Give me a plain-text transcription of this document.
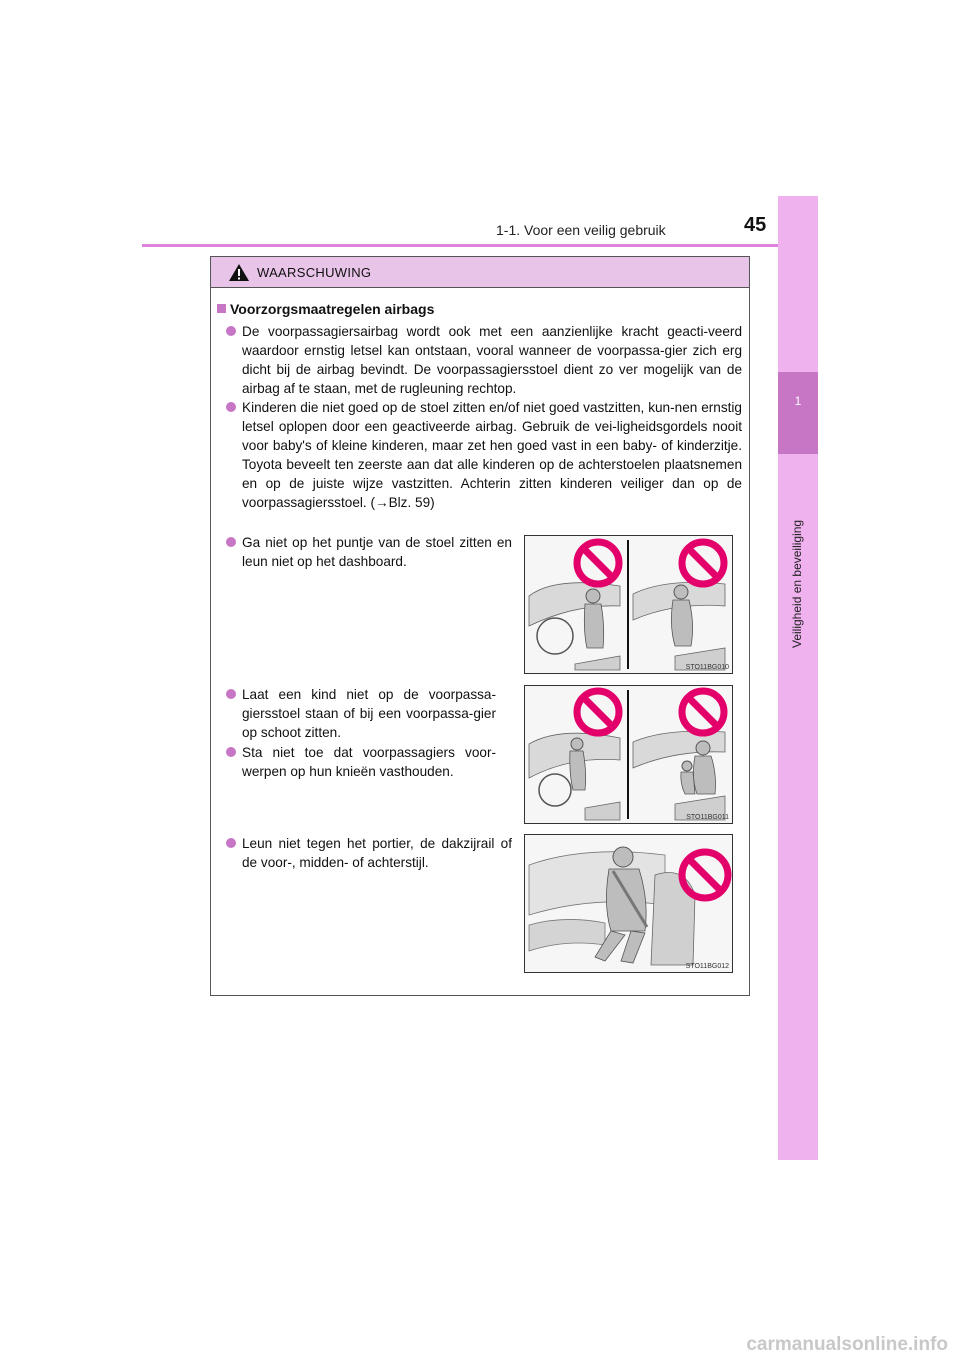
1-1. Voor een veilig gebruik	45
1
Veiligheid en beveiliging
WAARSCHUWING
Voorzorgsmaatregelen airbags
De voorpassagiersairbag wordt ook met een aanzienlijke kracht geacti-veerd waardoor ernstig letsel kan ontstaan, vooral wanneer de voorpassa-gier zich erg dicht bij de airbag bevindt. De voorpassagiersstoel dient zo ver mogelijk van de airbag af te staan, met de rugleuning rechtop.
Kinderen die niet goed op de stoel zitten en/of niet goed vastzitten, kun-nen ernstig letsel oplopen door een geactiveerde airbag. Gebruik de vei-ligheidsgordels nooit voor baby's of kleine kinderen, maar zet hen goed vast in een baby- of kinderzitje. Toyota beveelt ten zeerste aan dat alle kinderen op de achterstoelen plaatsnemen en op de juiste wijze vastzitten. Achterin zitten kinderen veiliger dan op de voorpassagiersstoel. (→Blz. 59)
Ga niet op het puntje van de stoel zitten en leun niet op het dashboard.
Laat een kind niet op de voorpassa-giersstoel staan of bij een voorpassa-gier op schoot zitten.
Sta niet toe dat voorpassagiers voor-werpen op hun knieën vasthouden.
Leun niet tegen het portier, de dakzijrail of de voor-, midden- of achterstijl.
STO11BG010
STO11BG011
STO11BG012
carmanualsonline.info
